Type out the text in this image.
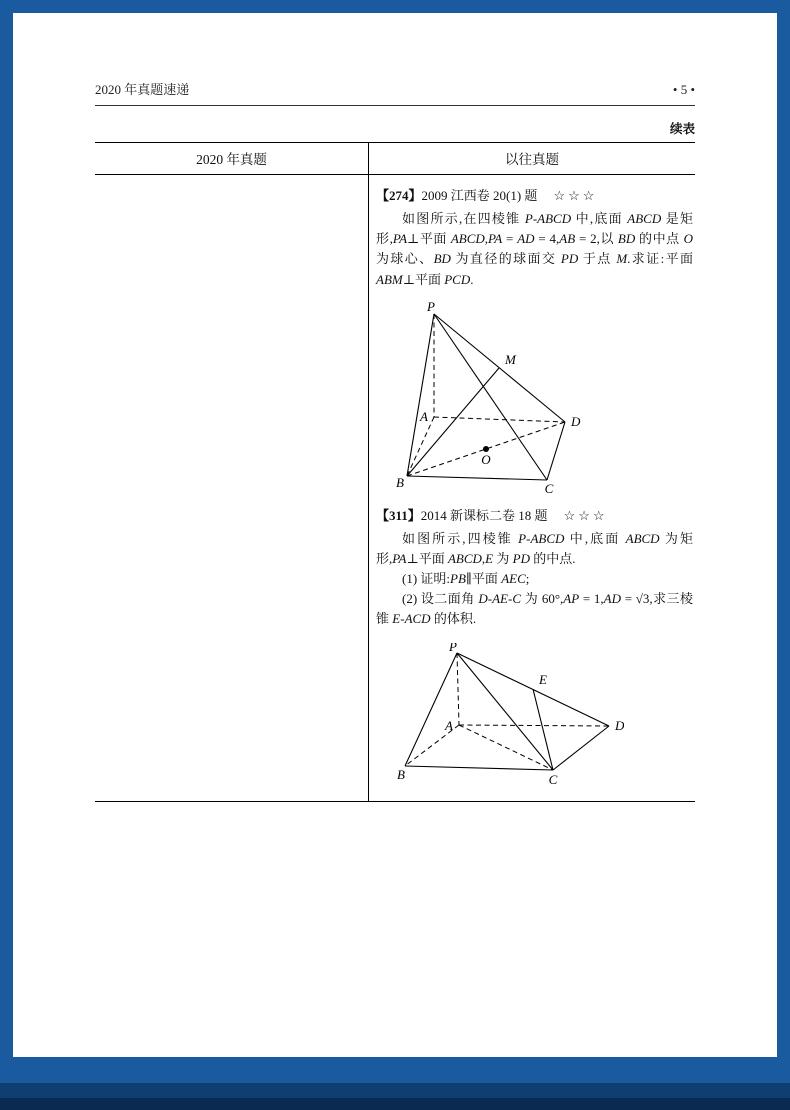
2020 年真题速递	• 5 •
续表
2020 年真题	以往真题

【274】2009 江西卷 20(1) 题 ☆☆☆

如图所示,在四棱锥 P-ABCD 中,底面 ABCD 是矩形,PA⊥平面 ABCD,PA = AD = 4,AB = 2,以 BD 的中点 O 为球心、BD 为直径的球面交 PD 于点 M.求证:平面 ABM⊥平面 PCD.

P
M
A	D
B	C
O

【311】2014 新课标二卷 18 题 ☆☆☆

如图所示,四棱锥 P-ABCD 中,底面 ABCD 为矩形,PA⊥平面 ABCD,E 为 PD 的中点.

(1) 证明:PB∥平面 AEC;

(2) 设二面角 D-AE-C 为 60°,AP = 1,AD = √3,求三棱锥 E-ACD 的体积.

P
E
A	D
B	C
